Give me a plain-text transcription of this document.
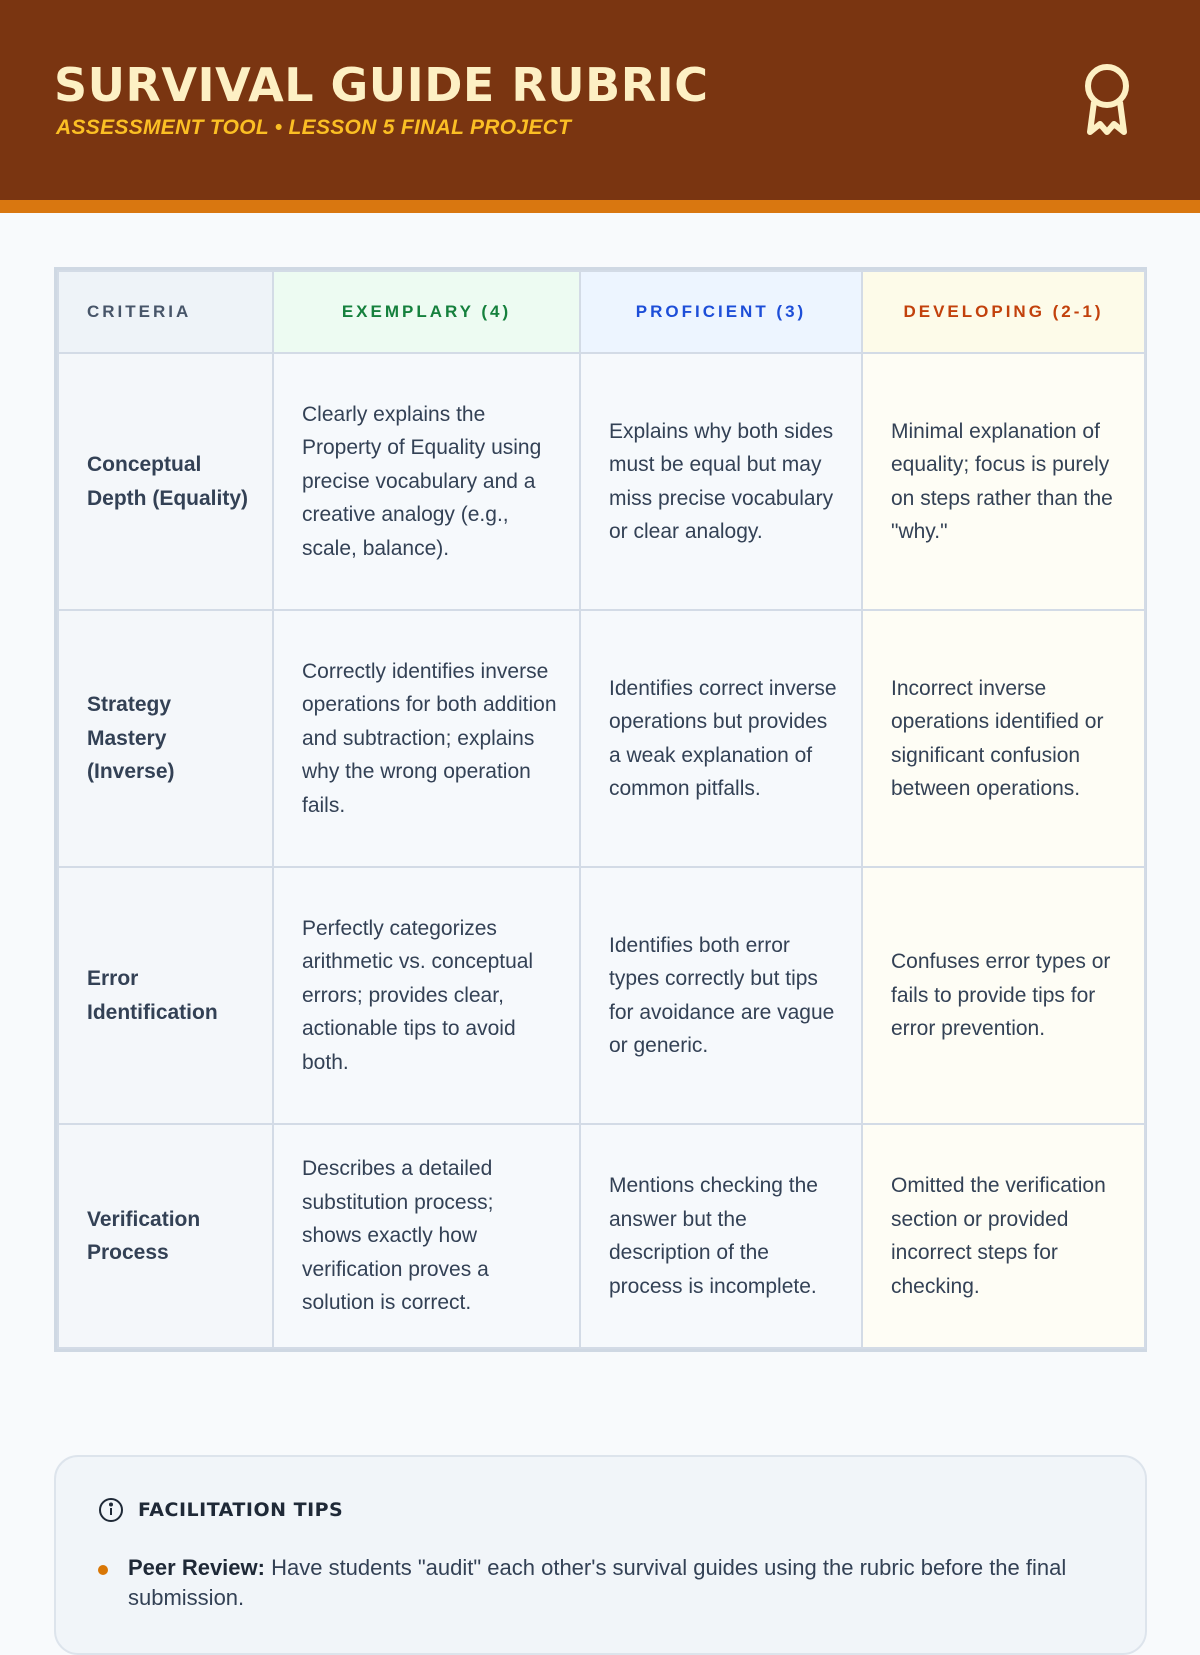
SURVIVAL GUIDE RUBRIC
ASSESSMENT TOOL • LESSON 5 FINAL PROJECT
CRITERIA	EXEMPLARY (4)	PROFICIENT (3)	DEVELOPING (2-1)
Conceptual Depth (Equality)	Clearly explains the Property of Equality using precise vocabulary and a creative analogy (e.g., scale, balance).	Explains why both sides must be equal but may miss precise vocabulary or clear analogy.	Minimal explanation of equality; focus is purely on steps rather than the "why."
Strategy Mastery (Inverse)	Correctly identifies inverse operations for both addition and subtraction; explains why the wrong operation fails.	Identifies correct inverse operations but provides a weak explanation of common pitfalls.	Incorrect inverse operations identified or significant confusion between operations.
Error Identification	Perfectly categorizes arithmetic vs. conceptual errors; provides clear, actionable tips to avoid both.	Identifies both error types correctly but tips for avoidance are vague or generic.	Confuses error types or fails to provide tips for error prevention.
Verification Process	Describes a detailed substitution process; shows exactly how verification proves a solution is correct.	Mentions checking the answer but the description of the process is incomplete.	Omitted the verification section or provided incorrect steps for checking.
FACILITATION TIPS
Peer Review: Have students "audit" each other's survival guides using the rubric before the final submission.
